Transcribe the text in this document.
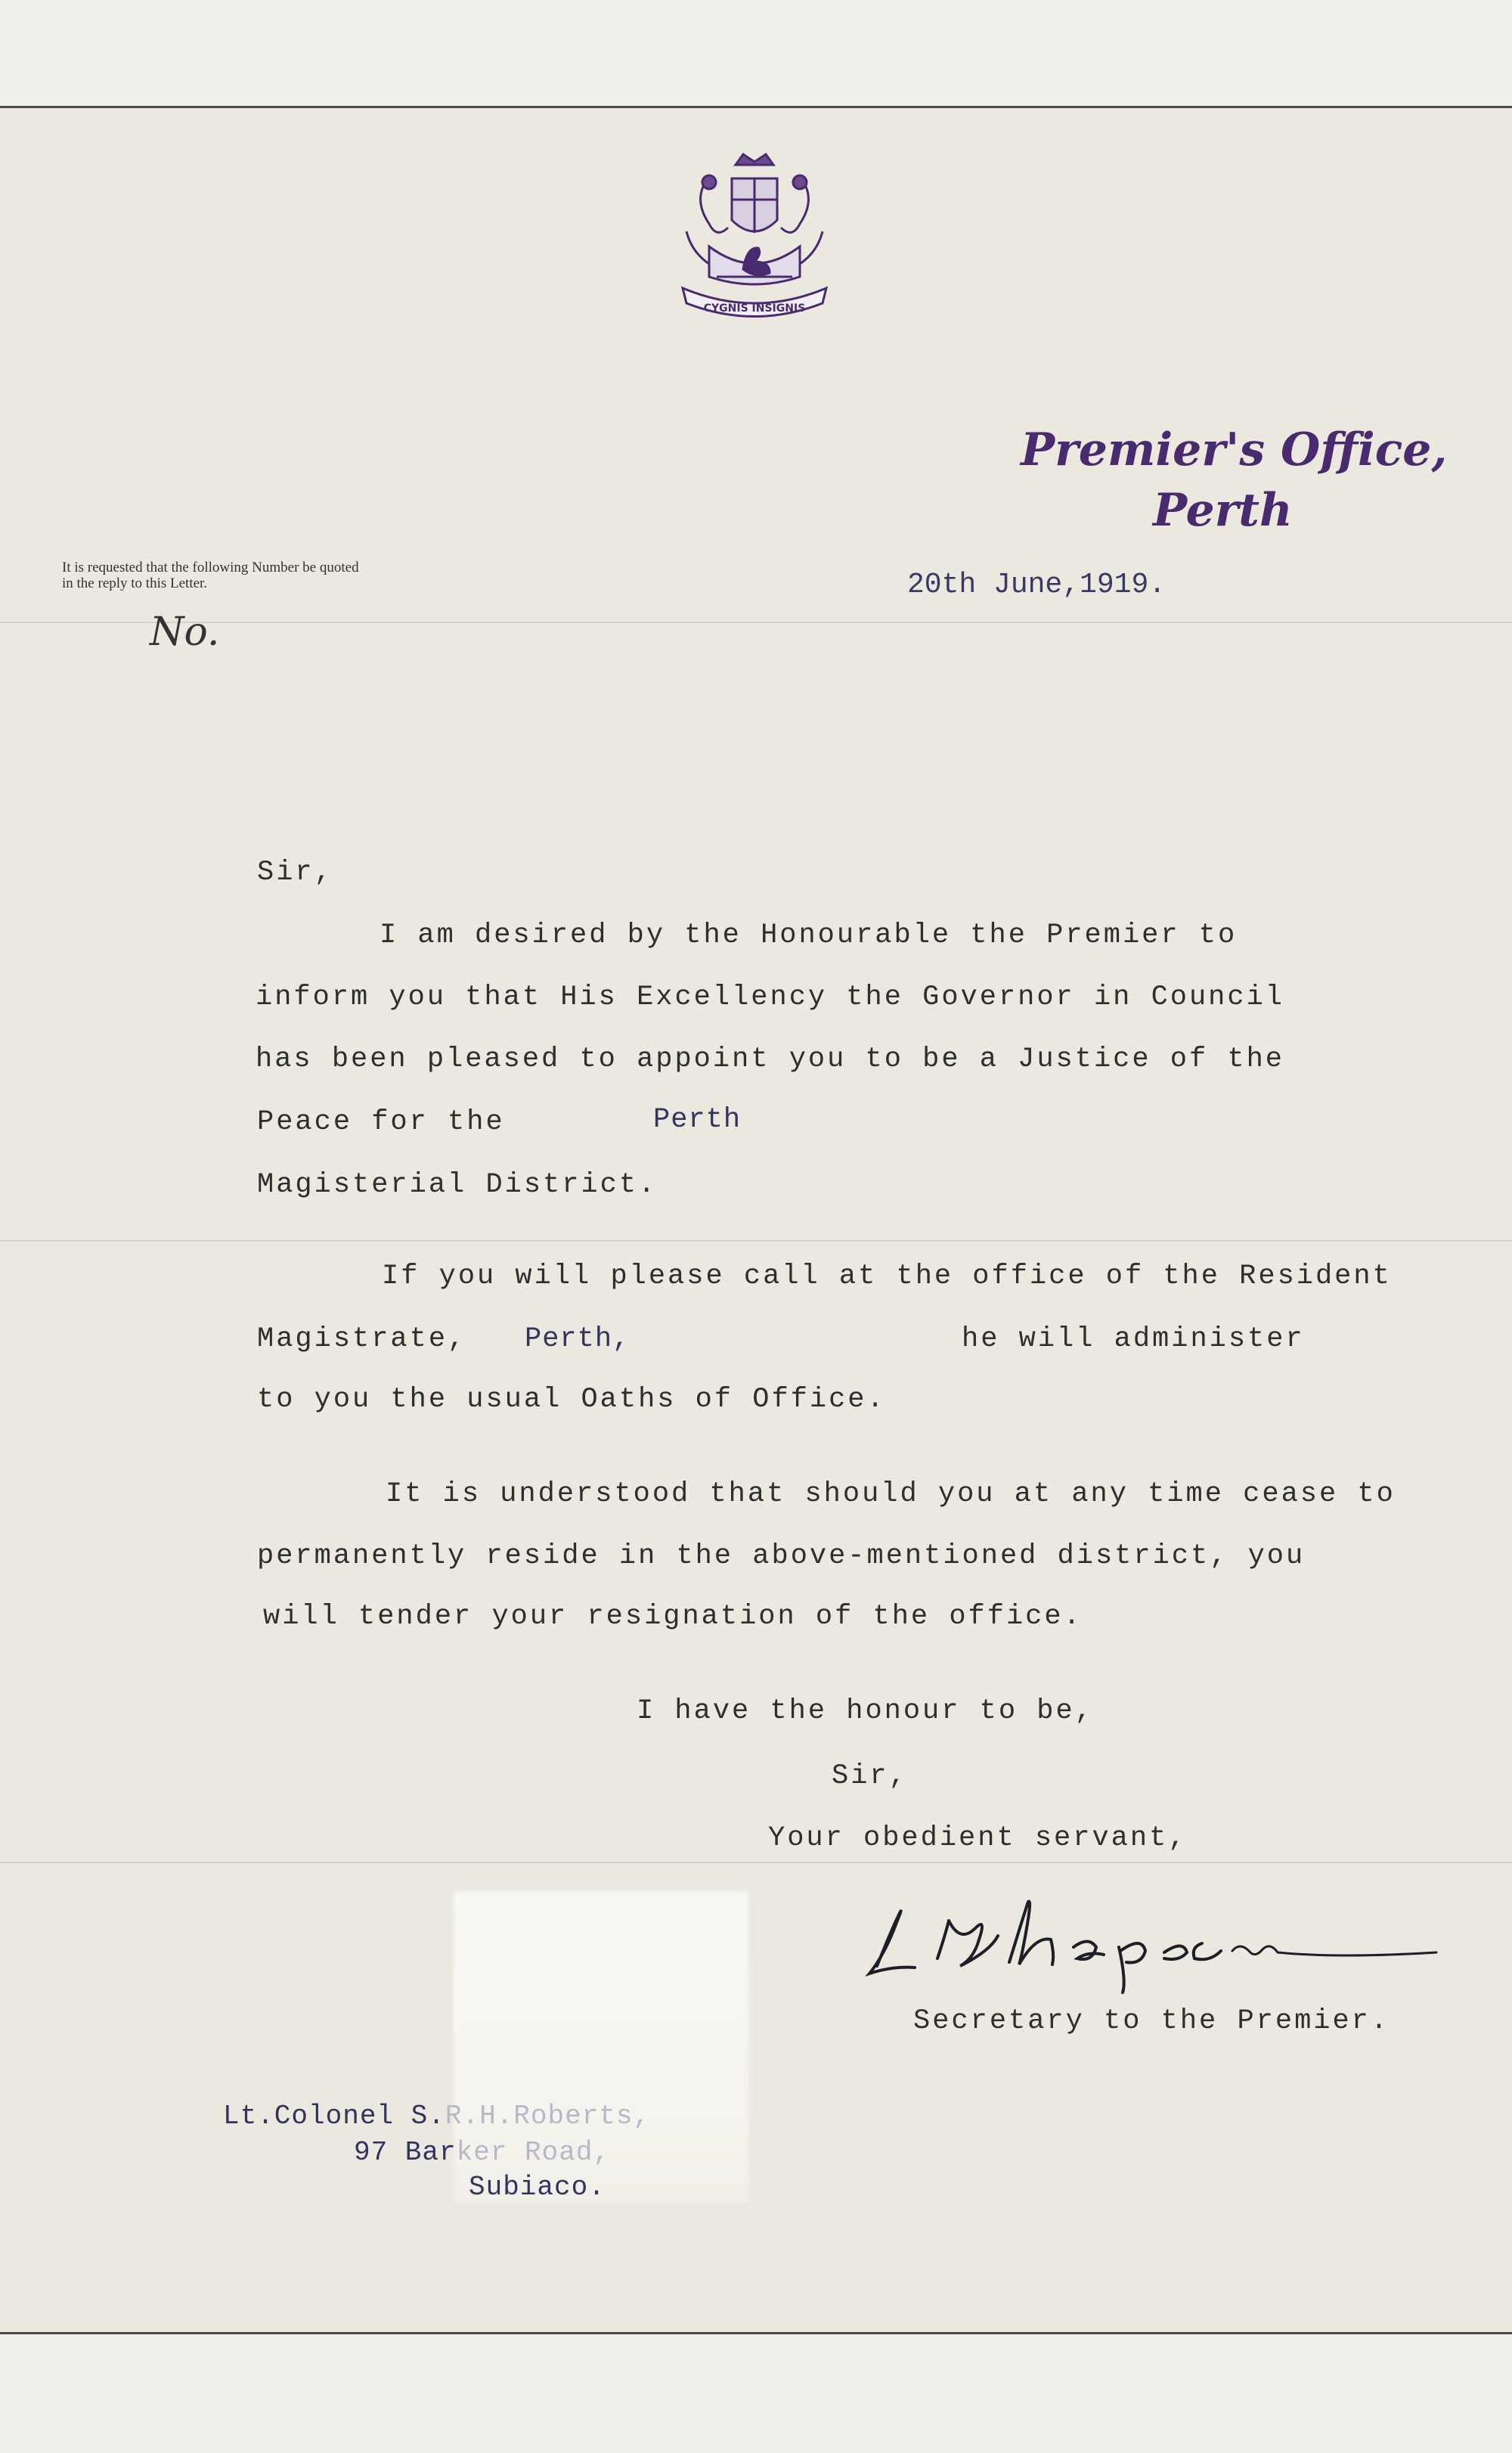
CYGNIS INSIGNIS
Premier's Office,
Perth
It is requested that the following Number be quoted in the reply to this Letter.
No.
20th June,1919.
Sir,
I am desired by the Honourable the Premier to
inform you that His Excellency the Governor in Council
has been pleased to appoint you to be a Justice of the
Peace for the	Perth
Magisterial District.
If you will please call at the office of the Resident
Magistrate, Perth,	he will administer
to you the usual Oaths of Office.
It is understood that should you at any time cease to
permanently reside in the above-mentioned district, you
will tender your resignation of the office.
I have the honour to be,
Sir,
Your obedient servant,
Secretary to the Premier.
Lt.Colonel S.R.H.Roberts,
97 Barker Road,
Subiaco.
